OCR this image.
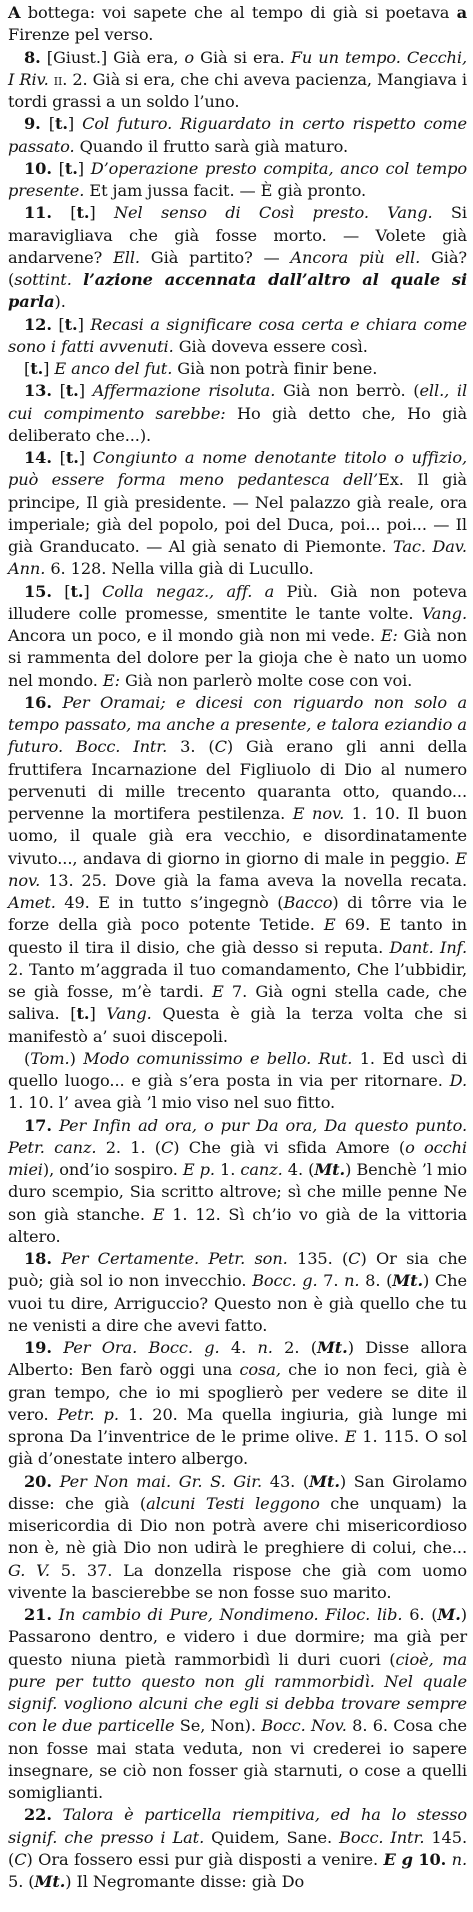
A bottega: voi sapete che al tempo di già si poetava a Firenze pel verso.

8. [Giust.] Già era, o Già si era. Fu un tempo. Cecchi, I Riv. ii. 2. Già si era, che chi aveva pacienza, Mangiava i tordi grassi a un soldo l’uno.

9. [t.] Col futuro. Riguardato in certo rispetto come passato. Quando il frutto sarà già maturo.

10. [t.] D’operazione presto compita, anco col tempo presente. Et jam jussa facit. — È già pronto.

11. [t.] Nel senso di Così presto. Vang. Si maravigliava che già fosse morto. — Volete già andarvene? Ell. Già partito? — Ancora più ell. Già? (sottint. l’azione accennata dall’altro al quale si parla).

12. [t.] Recasi a significare cosa certa e chiara come sono i fatti avvenuti. Già doveva essere così.

[t.] E anco del fut. Già non potrà finir bene.

13. [t.] Affermazione risoluta. Già non berrò. (ell., il cui compimento sarebbe: Ho già detto che, Ho già deliberato che...).

14. [t.] Congiunto a nome denotante titolo o uffizio, può essere forma meno pedantesca dell’Ex. Il già principe, Il già presidente. — Nel palazzo già reale, ora imperiale; già del popolo, poi del Duca, poi... poi... — Il già Granducato. — Al già senato di Piemonte. Tac. Dav. Ann. 6. 128. Nella villa già di Lucullo.

15. [t.] Colla negaz., aff. a Più. Già non poteva illudere colle promesse, smentite le tante volte. Vang. Ancora un poco, e il mondo già non mi vede. E: Già non si rammenta del dolore per la gioja che è nato un uomo nel mondo. E: Già non parlerò molte cose con voi.

16. Per Oramai; e dicesi con riguardo non solo a tempo passato, ma anche a presente, e talora eziandio a futuro. Bocc. Intr. 3. (C) Già erano gli anni della fruttifera Incarnazione del Figliuolo di Dio al numero pervenuti di mille trecento quaranta otto, quando... pervenne la mortifera pestilenza. E nov. 1. 10. Il buon uomo, il quale già era vecchio, e disordinatamente vivuto..., andava di giorno in giorno di male in peggio. E nov. 13. 25. Dove già la fama aveva la novella recata. Amet. 49. E in tutto s’ingegnò (Bacco) di tôrre via le forze della già poco potente Tetide. E 69. E tanto in questo il tira il disio, che già desso si reputa. Dant. Inf. 2. Tanto m’aggrada il tuo comandamento, Che l’ubbidir, se già fosse, m’è tardi. E 7. Già ogni stella cade, che saliva. [t.] Vang. Questa è già la terza volta che si manifestò a’ suoi discepoli.

(Tom.) Modo comunissimo e bello. Rut. 1. Ed uscì di quello luogo... e già s’era posta in via per ritornare. D. 1. 10. l’ avea già ’l mio viso nel suo fitto.

17. Per Infin ad ora, o pur Da ora, Da questo punto. Petr. canz. 2. 1. (C) Che già vi sfida Amore (o occhi miei), ond’io sospiro. E p. 1. canz. 4. (Mt.) Benchè ’l mio duro scempio, Sia scritto altrove; sì che mille penne Ne son già stanche. E 1. 12. Sì ch’io vo già de la vittoria altero.

18. Per Certamente. Petr. son. 135. (C) Or sia che può; già sol io non invecchio. Bocc. g. 7. n. 8. (Mt.) Che vuoi tu dire, Arriguccio? Questo non è già quello che tu ne venisti a dire che avevi fatto.

19. Per Ora. Bocc. g. 4. n. 2. (Mt.) Disse allora Alberto: Ben farò oggi una cosa, che io non feci, già è gran tempo, che io mi spoglierò per vedere se dite il vero. Petr. p. 1. 20. Ma quella ingiuria, già lunge mi sprona Da l’inventrice de le prime olive. E 1. 115. O sol già d’onestate intero albergo.

20. Per Non mai. Gr. S. Gir. 43. (Mt.) San Girolamo disse: che già (alcuni Testi leggono che unquam) la misericordia di Dio non potrà avere chi misericordioso non è, nè già Dio non udirà le preghiere di colui, che... G. V. 5. 37. La donzella rispose che già com uomo vivente la bascierebbe se non fosse suo marito.

21. In cambio di Pure, Nondimeno. Filoc. lib. 6. (M.) Passarono dentro, e videro i due dormire; ma già per questo niuna pietà rammorbidì li duri cuori (cioè, ma pure per tutto questo non gli rammorbidì. Nel quale signif. vogliono alcuni che egli si debba trovare sempre con le due particelle Se, Non). Bocc. Nov. 8. 6. Cosa che non fosse mai stata veduta, non vi crederei io sapere insegnare, se ciò non fosser già starnuti, o cose a quelli somiglianti.

22. Talora è particella riempitiva, ed ha lo stesso signif. che presso i Lat. Quidem, Sane. Bocc. Intr. 145. (C) Ora fossero essi pur già disposti a venire. E g 10. n. 5. (Mt.) Il Negromante disse: già Do
